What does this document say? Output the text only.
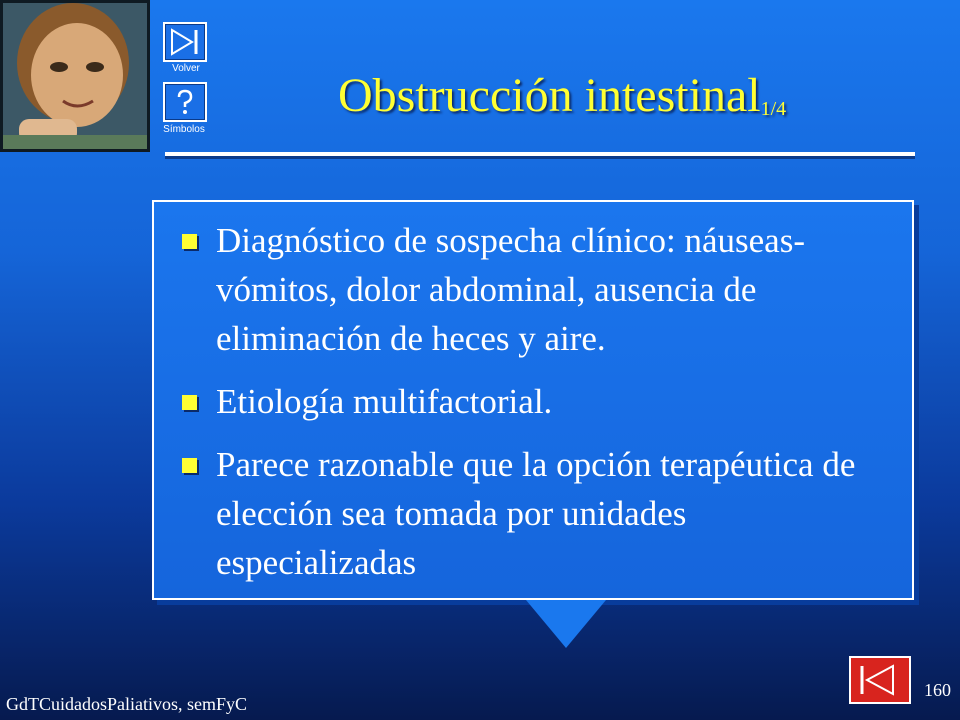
Volver
Símbolos
Obstrucción intestinal$_{1/4}$
Diagnóstico de sospecha clínico: náuseas-vómitos, dolor abdominal, ausencia de eliminación de heces y aire.
Etiología multifactorial.
Parece razonable que la opción terapéutica de elección sea tomada por unidades especializadas
GdTCuidadosPaliativos, semFyC
160
